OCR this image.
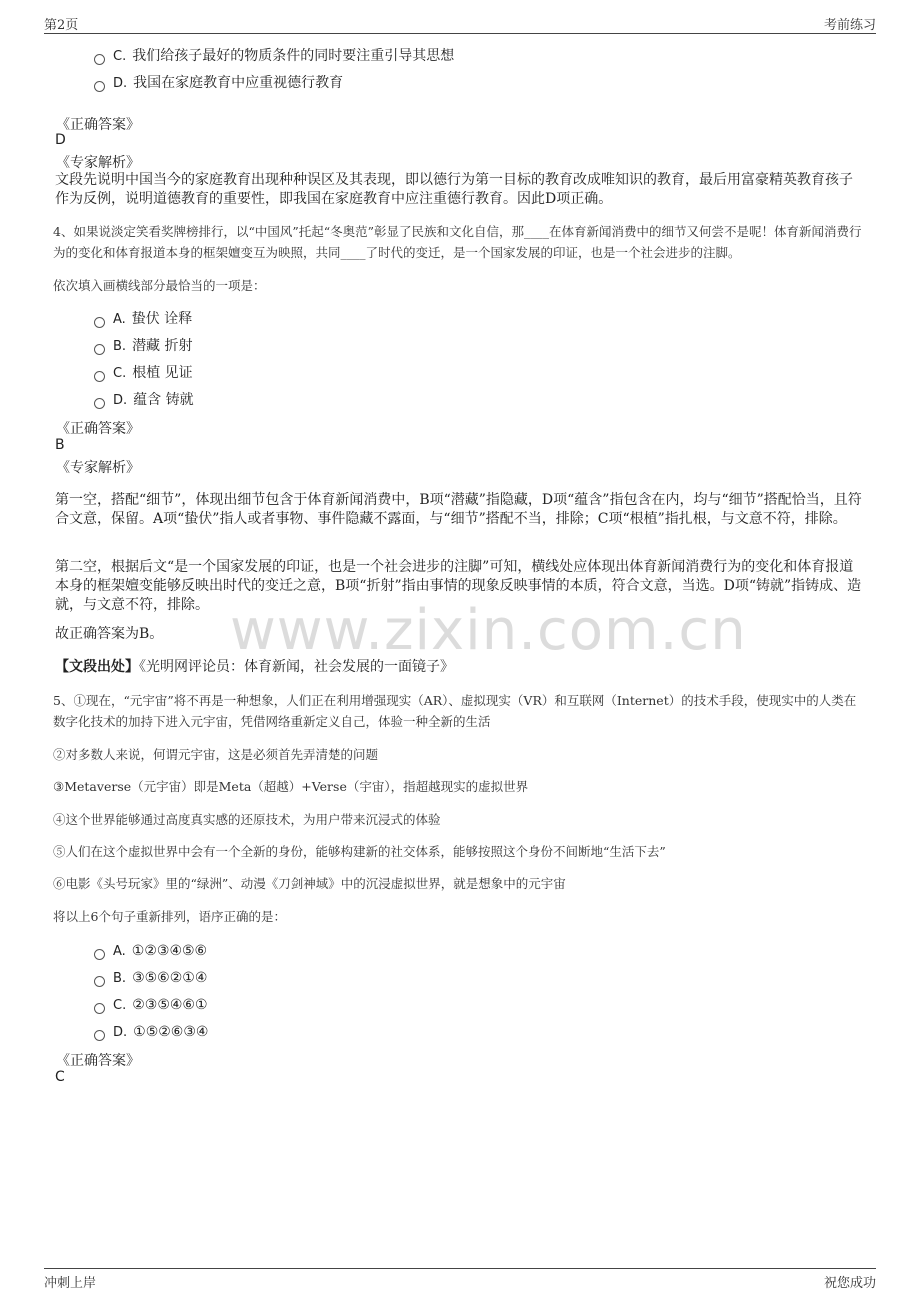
第2页	考前练习
C. 我们给孩子最好的物质条件的同时要注重引导其思想
D. 我国在家庭教育中应重视德行教育
《正确答案》
D
《专家解析》
文段先说明中国当今的家庭教育出现种种误区及其表现，即以德行为第一目标的教育改成唯知识的教育，最后用富豪精英教育孩子作为反例，说明道德教育的重要性，即我国在家庭教育中应注重德行教育。因此D项正确。
4、如果说淡定笑看奖牌榜排行，以“中国风”托起“冬奥范”彰显了民族和文化自信，那____在体育新闻消费中的细节又何尝不是呢！体育新闻消费行为的变化和体育报道本身的框架嬗变互为映照，共同____了时代的变迁，是一个国家发展的印证，也是一个社会进步的注脚。
依次填入画横线部分最恰当的一项是：
A. 蛰伏 诠释
B. 潜藏 折射
C. 根植 见证
D. 蕴含 铸就
《正确答案》
B
《专家解析》
第一空，搭配“细节”，体现出细节包含于体育新闻消费中，B项“潜藏”指隐藏，D项“蕴含”指包含在内，均与“细节”搭配恰当，且符合文意，保留。A项“蛰伏”指人或者事物、事件隐藏不露面，与“细节”搭配不当，排除；C项“根植”指扎根，与文意不符，排除。
第二空，根据后文“是一个国家发展的印证，也是一个社会进步的注脚”可知，横线处应体现出体育新闻消费行为的变化和体育报道本身的框架嬗变能够反映出时代的变迁之意，B项“折射”指由事情的现象反映事情的本质，符合文意，当选。D项“铸就”指铸成、造就，与文意不符，排除。
故正确答案为B。
【文段出处】《光明网评论员：体育新闻，社会发展的一面镜子》
www.zixin.com.cn
5、①现在，“元宇宙”将不再是一种想象，人们正在利用增强现实（AR）、虚拟现实（VR）和互联网（Internet）的技术手段，使现实中的人类在数字化技术的加持下进入元宇宙，凭借网络重新定义自己，体验一种全新的生活
②对多数人来说，何谓元宇宙，这是必须首先弄清楚的问题
③Metaverse（元宇宙）即是Meta（超越）+Verse（宇宙），指超越现实的虚拟世界
④这个世界能够通过高度真实感的还原技术，为用户带来沉浸式的体验
⑤人们在这个虚拟世界中会有一个全新的身份，能够构建新的社交体系，能够按照这个身份不间断地“生活下去”
⑥电影《头号玩家》里的“绿洲”、动漫《刀剑神域》中的沉浸虚拟世界，就是想象中的元宇宙
将以上6个句子重新排列，语序正确的是：
A. ①②③④⑤⑥
B. ③⑤⑥②①④
C. ②③⑤④⑥①
D. ①⑤②⑥③④
《正确答案》
C
冲刺上岸	祝您成功
